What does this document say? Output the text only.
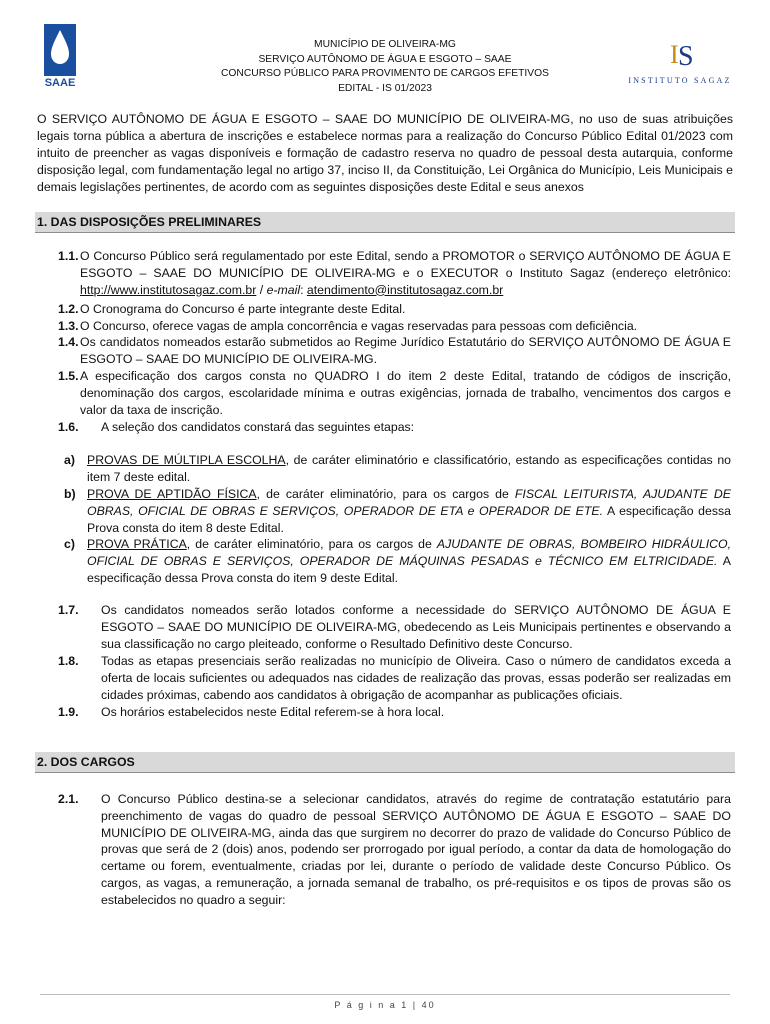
SAAE
MUNICÍPIO DE OLIVEIRA-MG
SERVIÇO AUTÔNOMO DE ÁGUA E ESGOTO – SAAE
CONCURSO PÚBLICO PARA PROVIMENTO DE CARGOS EFETIVOS
EDITAL - IS 01/2023
I S
INSTITUTO SAGAZ
O SERVIÇO AUTÔNOMO DE ÁGUA E ESGOTO – SAAE DO MUNICÍPIO DE OLIVEIRA-MG, no uso de suas atribuições legais torna pública a abertura de inscrições e estabelece normas para a realização do Concurso Público Edital 01/2023 com intuito de preencher as vagas disponíveis e formação de cadastro reserva no quadro de pessoal desta autarquia, conforme disposição legal, com fundamentação legal no artigo 37, inciso II, da Constituição, Lei Orgânica do Município, Leis Municipais e demais legislações pertinentes, de acordo com as seguintes disposições deste Edital e seus anexos
1. DAS DISPOSIÇÕES PRELIMINARES
1.1. O Concurso Público será regulamentado por este Edital, sendo a PROMOTOR o SERVIÇO AUTÔNOMO DE ÁGUA E ESGOTO – SAAE DO MUNICÍPIO DE OLIVEIRA-MG e o EXECUTOR o Instituto Sagaz (endereço eletrônico: http://www.institutosagaz.com.br / e-mail: atendimento@institutosagaz.com.br
1.2. O Cronograma do Concurso é parte integrante deste Edital.
1.3. O Concurso, oferece vagas de ampla concorrência e vagas reservadas para pessoas com deficiência.
1.4. Os candidatos nomeados estarão submetidos ao Regime Jurídico Estatutário do SERVIÇO AUTÔNOMO DE ÁGUA E ESGOTO – SAAE DO MUNICÍPIO DE OLIVEIRA-MG.
1.5. A especificação dos cargos consta no QUADRO I do item 2 deste Edital, tratando de códigos de inscrição, denominação dos cargos, escolaridade mínima e outras exigências, jornada de trabalho, vencimentos dos cargos e valor da taxa de inscrição.
1.6. A seleção dos candidatos constará das seguintes etapas:
a) PROVAS DE MÚLTIPLA ESCOLHA, de caráter eliminatório e classificatório, estando as especificações contidas no item 7 deste edital.
b) PROVA DE APTIDÃO FÍSICA, de caráter eliminatório, para os cargos de FISCAL LEITURISTA, AJUDANTE DE OBRAS, OFICIAL DE OBRAS E SERVIÇOS, OPERADOR DE ETA e OPERADOR DE ETE. A especificação dessa Prova consta do item 8 deste Edital.
c) PROVA PRÁTICA, de caráter eliminatório, para os cargos de AJUDANTE DE OBRAS, BOMBEIRO HIDRÁULICO, OFICIAL DE OBRAS E SERVIÇOS, OPERADOR DE MÁQUINAS PESADAS e TÉCNICO EM ELTRICIDADE. A especificação dessa Prova consta do item 9 deste Edital.
1.7. Os candidatos nomeados serão lotados conforme a necessidade do SERVIÇO AUTÔNOMO DE ÁGUA E ESGOTO – SAAE DO MUNICÍPIO DE OLIVEIRA-MG, obedecendo as Leis Municipais pertinentes e observando a sua classificação no cargo pleiteado, conforme o Resultado Definitivo deste Concurso.
1.8. Todas as etapas presenciais serão realizadas no município de Oliveira. Caso o número de candidatos exceda a oferta de locais suficientes ou adequados nas cidades de realização das provas, essas poderão ser realizadas em cidades próximas, cabendo aos candidatos à obrigação de acompanhar as publicações oficiais.
1.9. Os horários estabelecidos neste Edital referem-se à hora local.
2. DOS CARGOS
2.1. O Concurso Público destina-se a selecionar candidatos, através do regime de contratação estatutário para preenchimento de vagas do quadro de pessoal SERVIÇO AUTÔNOMO DE ÁGUA E ESGOTO – SAAE DO MUNICÍPIO DE OLIVEIRA-MG, ainda das que surgirem no decorrer do prazo de validade do Concurso Público de provas que será de 2 (dois) anos, podendo ser prorrogado por igual período, a contar da data de homologação do certame ou forem, eventualmente, criadas por lei, durante o período de validade deste Concurso Público. Os cargos, as vagas, a remuneração, a jornada semanal de trabalho, os pré-requisitos e os tipos de provas são os estabelecidos no quadro a seguir:
P á g i n a 1 | 40
